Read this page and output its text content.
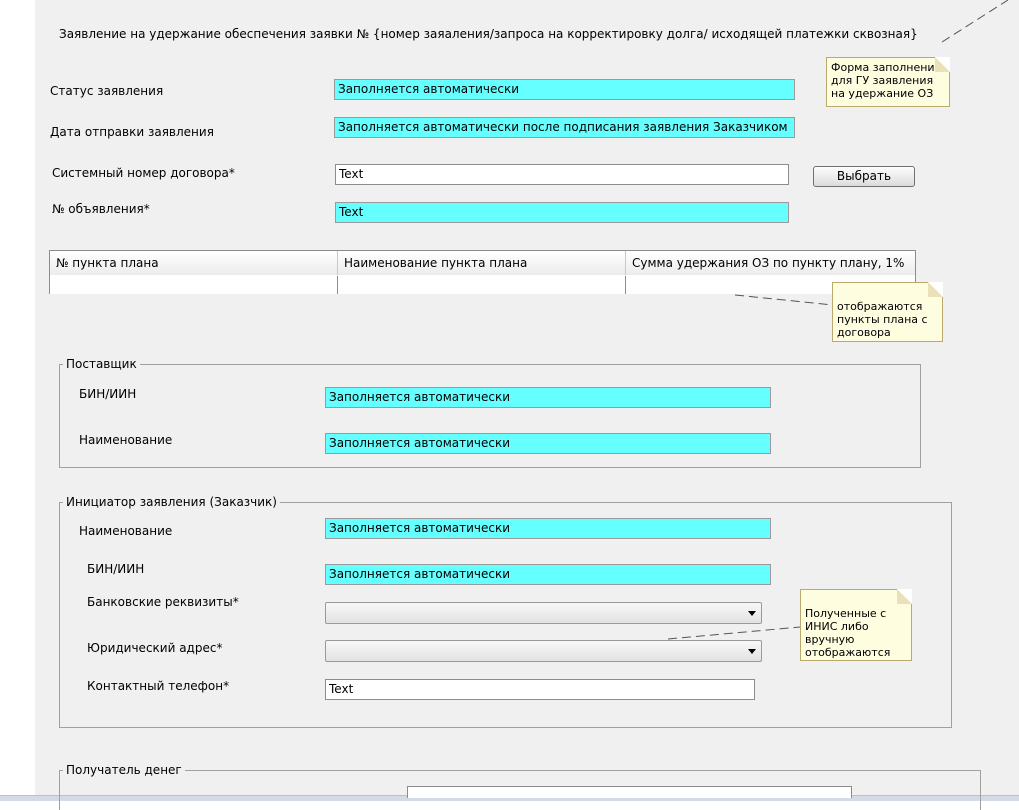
Заявление на удержание обеспечения заявки № {номер заяаления/запроса на корректировку долга/ исходящей платежки сквозная}
Статус заявления	Заполняется автоматически
Дата отправки заявления	Заполняется автоматически после подписания заявления Заказчиком
Системный номер договора*	Text	Выбрать
№ объявления*	Text
№ пункта плана	Наименование пункта плана	Сумма удержания ОЗ по пункту плану, 1%
Поставщик
БИН/ИИН	Заполняется автоматически
Наименование	Заполняется автоматически
Инициатор заявления (Заказчик)
Наименование	Заполняется автоматически
БИН/ИИН	Заполняется автоматически
Банковские реквизиты*
Юридический адрес*
Контактный телефон*	Text
Получатель денег
Форма заполнения
для ГУ заявления
на удержание ОЗ
отображаются
пункты плана с
договора
Полученные с
ИНИС либо
вручную
отображаются
